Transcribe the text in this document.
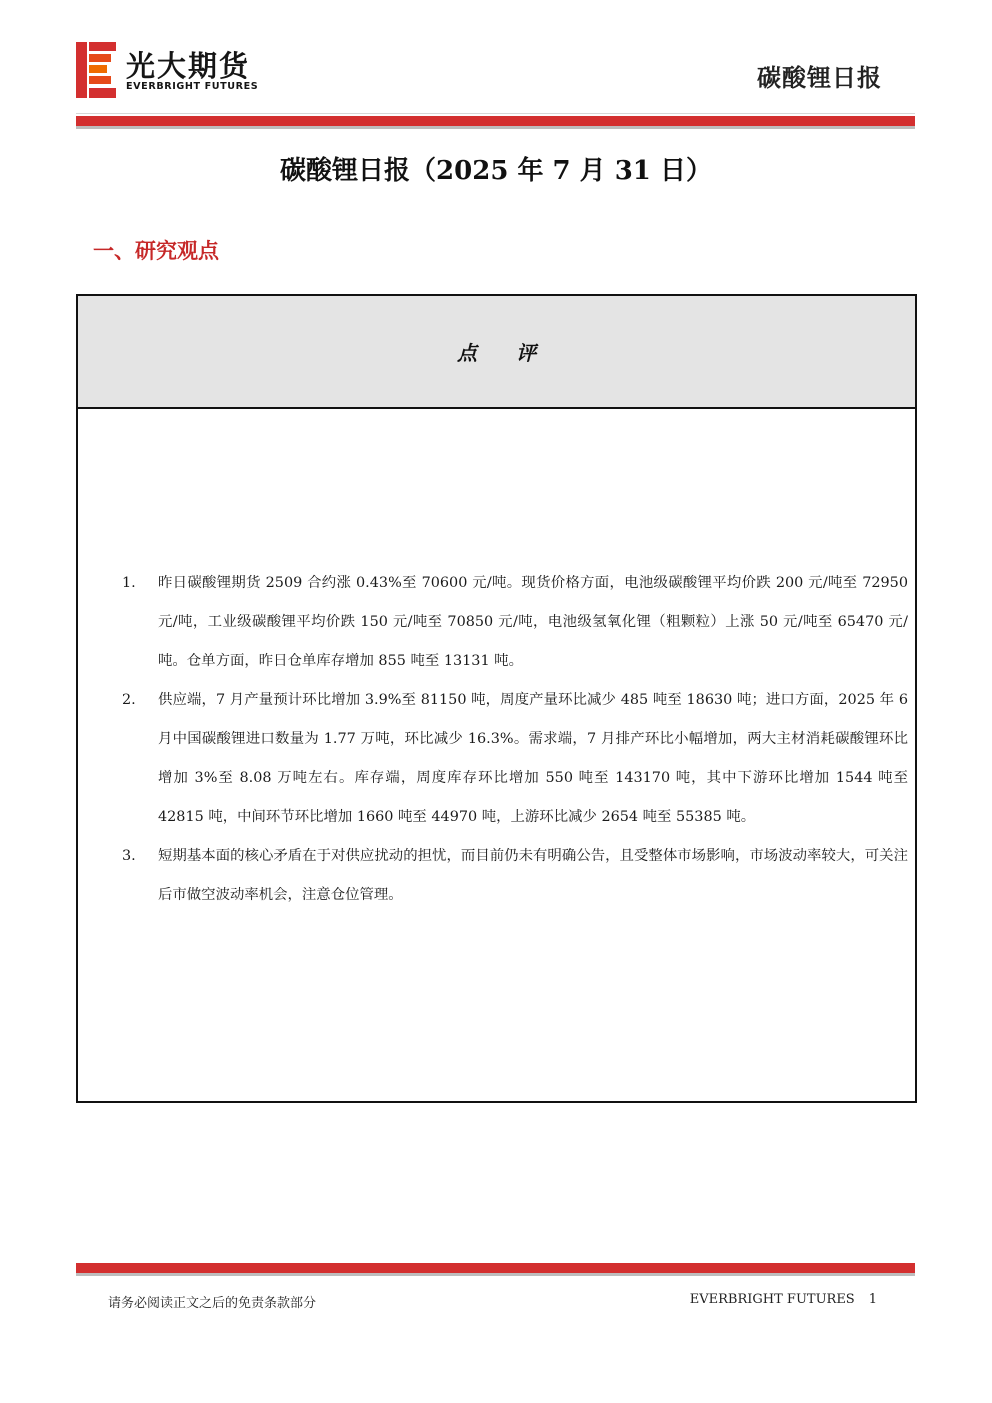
光大期货
EVERBRIGHT FUTURES	碳酸锂日报
碳酸锂日报（2025 年 7 月 31 日）
一、研究观点
点 评
1. 昨日碳酸锂期货 2509 合约涨 0.43%至 70600 元/吨。现货价格方面，电池级碳酸锂平均价跌 200 元/吨至 72950 元/吨，工业级碳酸锂平均价跌 150 元/吨至 70850 元/吨，电池级氢氧化锂（粗颗粒）上涨 50 元/吨至 65470 元/吨。仓单方面，昨日仓单库存增加 855 吨至 13131 吨。
2. 供应端，7 月产量预计环比增加 3.9%至 81150 吨，周度产量环比减少 485 吨至 18630 吨；进口方面，2025 年 6 月中国碳酸锂进口数量为 1.77 万吨，环比减少 16.3%。需求端，7 月排产环比小幅增加，两大主材消耗碳酸锂环比增加 3%至 8.08 万吨左右。库存端，周度库存环比增加 550 吨至 143170 吨，其中下游环比增加 1544 吨至 42815 吨，中间环节环比增加 1660 吨至 44970 吨，上游环比减少 2654 吨至 55385 吨。
3. 短期基本面的核心矛盾在于对供应扰动的担忧，而目前仍未有明确公告，且受整体市场影响，市场波动率较大，可关注后市做空波动率机会，注意仓位管理。
请务必阅读正文之后的免责条款部分	EVERBRIGHT FUTURES 1
